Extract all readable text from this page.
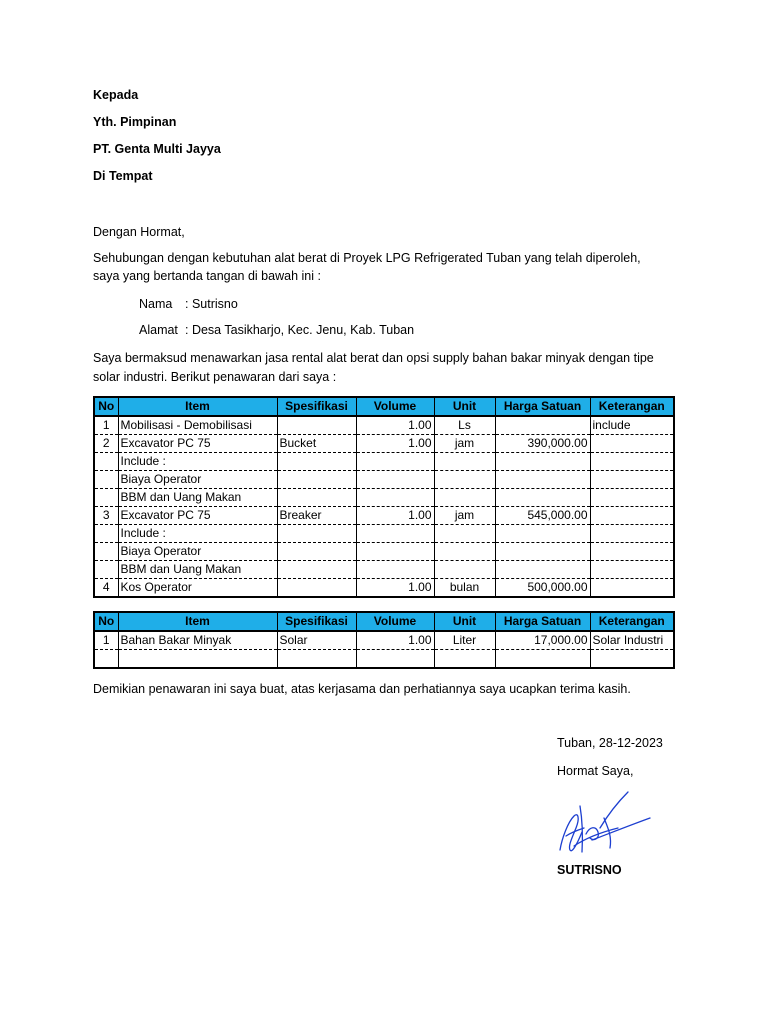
Kepada
Yth. Pimpinan
PT. Genta Multi Jayya
Di Tempat
Dengan Hormat,
Sehubungan dengan kebutuhan alat berat di Proyek LPG Refrigerated Tuban yang telah diperoleh,
saya yang bertanda tangan di bawah ini :
Nama : Sutrisno
Alamat : Desa Tasikharjo, Kec. Jenu, Kab. Tuban
Saya bermaksud menawarkan jasa rental alat berat dan opsi supply bahan bakar minyak dengan tipe
solar industri. Berikut penawaran dari saya :
No	Item	Spesifikasi	Volume	Unit	Harga Satuan	Keterangan
1	Mobilisasi - Demobilisasi		1.00	Ls		include
2	Excavator PC 75	Bucket	1.00	jam	390,000.00	
	Include :					
	Biaya Operator					
	BBM dan Uang Makan					
3	Excavator PC 75	Breaker	1.00	jam	545,000.00	
	Include :					
	Biaya Operator					
	BBM dan Uang Makan					
4	Kos Operator		1.00	bulan	500,000.00	
No	Item	Spesifikasi	Volume	Unit	Harga Satuan	Keterangan
1	Bahan Bakar Minyak	Solar	1.00	Liter	17,000.00	Solar Industri

Demikian penawaran ini saya buat, atas kerjasama dan perhatiannya saya ucapkan terima kasih.
Tuban, 28-12-2023
Hormat Saya,
SUTRISNO
